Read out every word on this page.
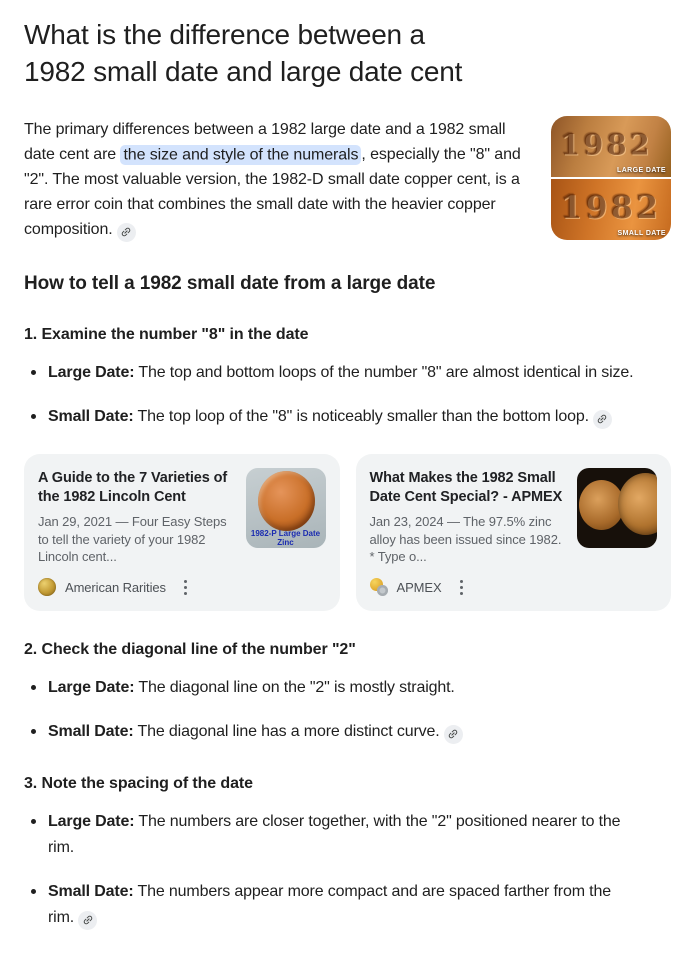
What is the difference between a
1982 small date and large date cent

The primary differences between a 1982 large date and a 1982 small date cent are the size and style of the numerals , especially the "8" and "2". The most valuable version, the 1982-D small date copper cent, is a rare error coin that combines the small date with the heavier copper composition.

1982
LARGE DATE
1982
SMALL DATE
How to tell a 1982 small date from a large date
1. Examine the number "8" in the date
Large Date: The top and bottom loops of the number "8" are almost identical in size.
Small Date: The top loop of the "8" is noticeably smaller than the bottom loop.
A Guide to the 7 Varieties of the 1982 Lincoln Cent
Jan 29, 2021 — Four Easy Steps to tell the variety of your 1982 Lincoln cent...
1982-P Large Date Zinc
American Rarities
What Makes the 1982 Small Date Cent Special? - APMEX
Jan 23, 2024 — The 97.5% zinc alloy has been issued since 1982. * Type o...
APMEX
2. Check the diagonal line of the number "2"
Large Date: The diagonal line on the "2" is mostly straight.
Small Date: The diagonal line has a more distinct curve.
3. Note the spacing of the date
Large Date: The numbers are closer together, with the "2" positioned nearer to the rim.
Small Date: The numbers appear more compact and are spaced farther from the rim.
